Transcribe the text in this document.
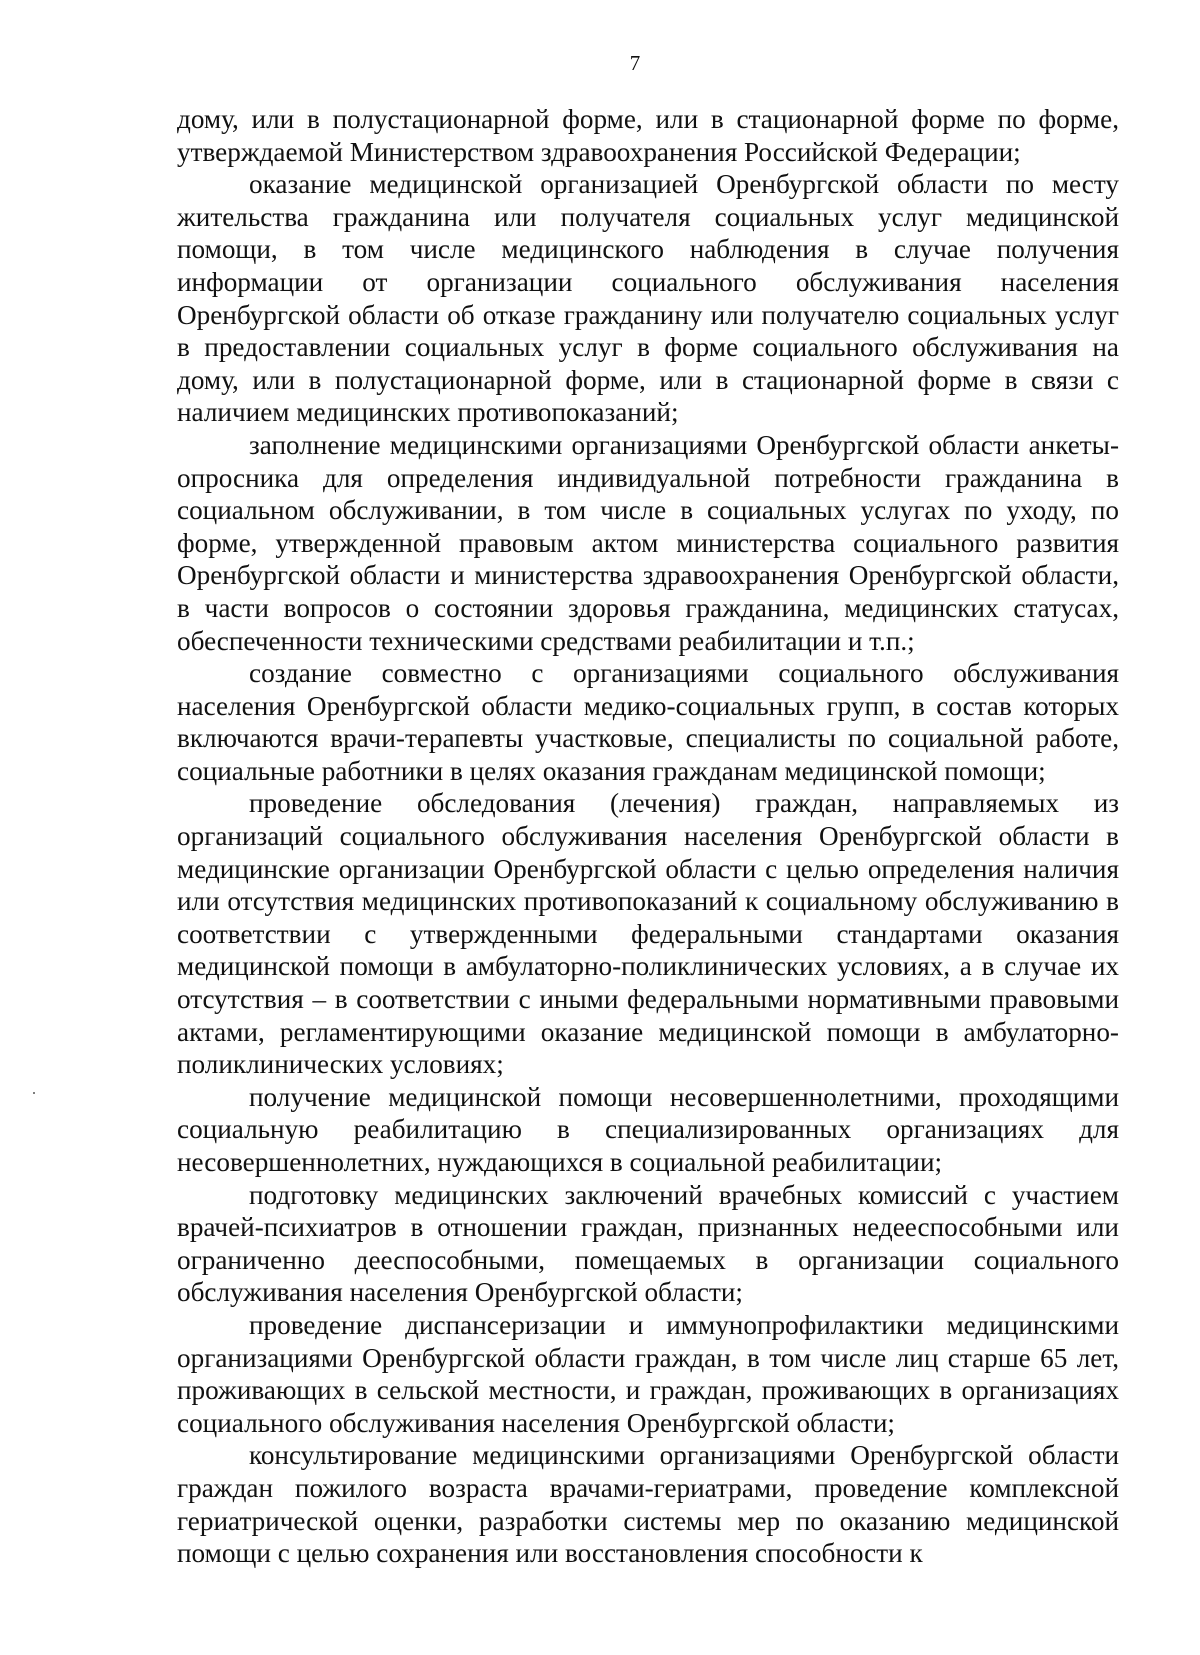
7

дому, или в полустационарной форме, или в стационарной форме по форме, утверждаемой Министерством здравоохранения Российской Федерации;

оказание медицинской организацией Оренбургской области по месту жительства гражданина или получателя социальных услуг медицинской помощи, в том числе медицинского наблюдения в случае получения информации от организации социального обслуживания населения Оренбургской области об отказе гражданину или получателю социальных услуг в предоставлении социальных услуг в форме социального обслуживания на дому, или в полустационарной форме, или в стационарной форме в связи с наличием медицинских противопоказаний;

заполнение медицинскими организациями Оренбургской области анкеты-опросника для определения индивидуальной потребности гражданина в социальном обслуживании, в том числе в социальных услугах по уходу, по форме, утвержденной правовым актом министерства социального развития Оренбургской области и министерства здравоохранения Оренбургской области, в части вопросов о состоянии здоровья гражданина, медицинских статусах, обеспеченности техническими средствами реабилитации и т.п.;

создание совместно с организациями социального обслуживания населения Оренбургской области медико-социальных групп, в состав которых включаются врачи-терапевты участковые, специалисты по социальной работе, социальные работники в целях оказания гражданам медицинской помощи;

проведение обследования (лечения) граждан, направляемых из организаций социального обслуживания населения Оренбургской области в медицинские организации Оренбургской области с целью определения наличия или отсутствия медицинских противопоказаний к социальному обслуживанию в соответствии с утвержденными федеральными стандартами оказания медицинской помощи в амбулаторно-поликлинических условиях, а в случае их отсутствия – в соответствии с иными федеральными нормативными правовыми актами, регламентирующими оказание медицинской помощи в амбулаторно-поликлинических условиях;

получение медицинской помощи несовершеннолетними, проходящими социальную реабилитацию в специализированных организациях для несовершеннолетних, нуждающихся в социальной реабилитации;

подготовку медицинских заключений врачебных комиссий с участием врачей-психиатров в отношении граждан, признанных недееспособными или ограниченно дееспособными, помещаемых в организации социального обслуживания населения Оренбургской области;

проведение диспансеризации и иммунопрофилактики медицинскими организациями Оренбургской области граждан, в том числе лиц старше 65 лет, проживающих в сельской местности, и граждан, проживающих в организациях социального обслуживания населения Оренбургской области;

консультирование медицинскими организациями Оренбургской области граждан пожилого возраста врачами-гериатрами, проведение комплексной гериатрической оценки, разработки системы мер по оказанию медицинской помощи с целью сохранения или восстановления способности к
